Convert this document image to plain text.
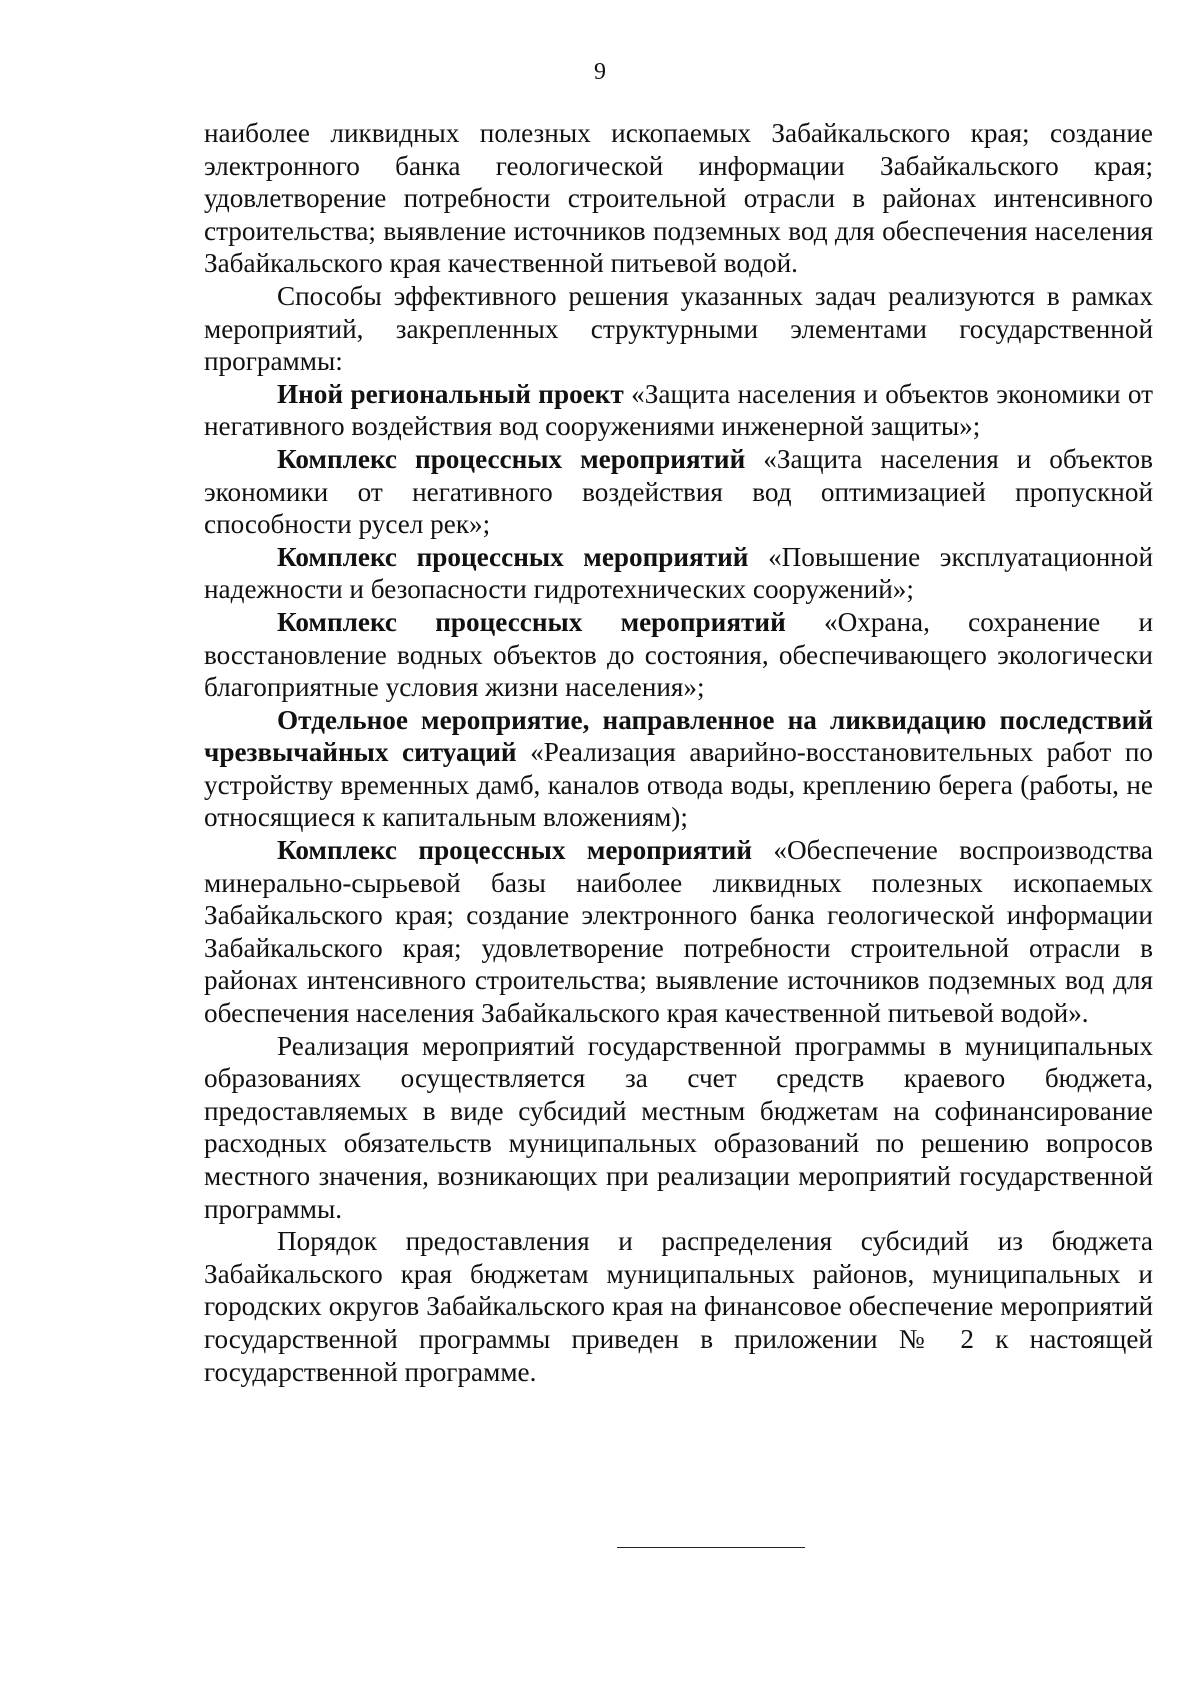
9

наиболее ликвидных полезных ископаемых Забайкальского края; создание электронного банка геологической информации Забайкальского края; удовлетворение потребности строительной отрасли в районах интенсивного строительства; выявление источников подземных вод для обеспечения населения Забайкальского края качественной питьевой водой.

Способы эффективного решения указанных задач реализуются в рамках мероприятий, закрепленных структурными элементами государственной программы:

Иной региональный проект «Защита населения и объектов экономики от негативного воздействия вод сооружениями инженерной защиты»;

Комплекс процессных мероприятий «Защита населения и объектов экономики от негативного воздействия вод оптимизацией пропускной способности русел рек»;

Комплекс процессных мероприятий «Повышение эксплуатационной надежности и безопасности гидротехнических сооружений»;

Комплекс процессных мероприятий «Охрана, сохранение и восстановление водных объектов до состояния, обеспечивающего экологически благоприятные условия жизни населения»;

Отдельное мероприятие, направленное на ликвидацию последствий чрезвычайных ситуаций «Реализация аварийно-восстановительных работ по устройству временных дамб, каналов отвода воды, креплению берега (работы, не относящиеся к капитальным вложениям);

Комплекс процессных мероприятий «Обеспечение воспроизводства минерально-сырьевой базы наиболее ликвидных полезных ископаемых Забайкальского края; создание электронного банка геологической информации Забайкальского края; удовлетворение потребности строительной отрасли в районах интенсивного строительства; выявление источников подземных вод для обеспечения населения Забайкальского края качественной питьевой водой».

Реализация мероприятий государственной программы в муниципальных образованиях осуществляется за счет средств краевого бюджета, предоставляемых в виде субсидий местным бюджетам на софинансирование расходных обязательств муниципальных образований по решению вопросов местного значения, возникающих при реализации мероприятий государственной программы.

Порядок предоставления и распределения субсидий из бюджета Забайкальского края бюджетам муниципальных районов, муниципальных и городских округов Забайкальского края на финансовое обеспечение мероприятий государственной программы приведен в приложении № 2 к настоящей государственной программе.
